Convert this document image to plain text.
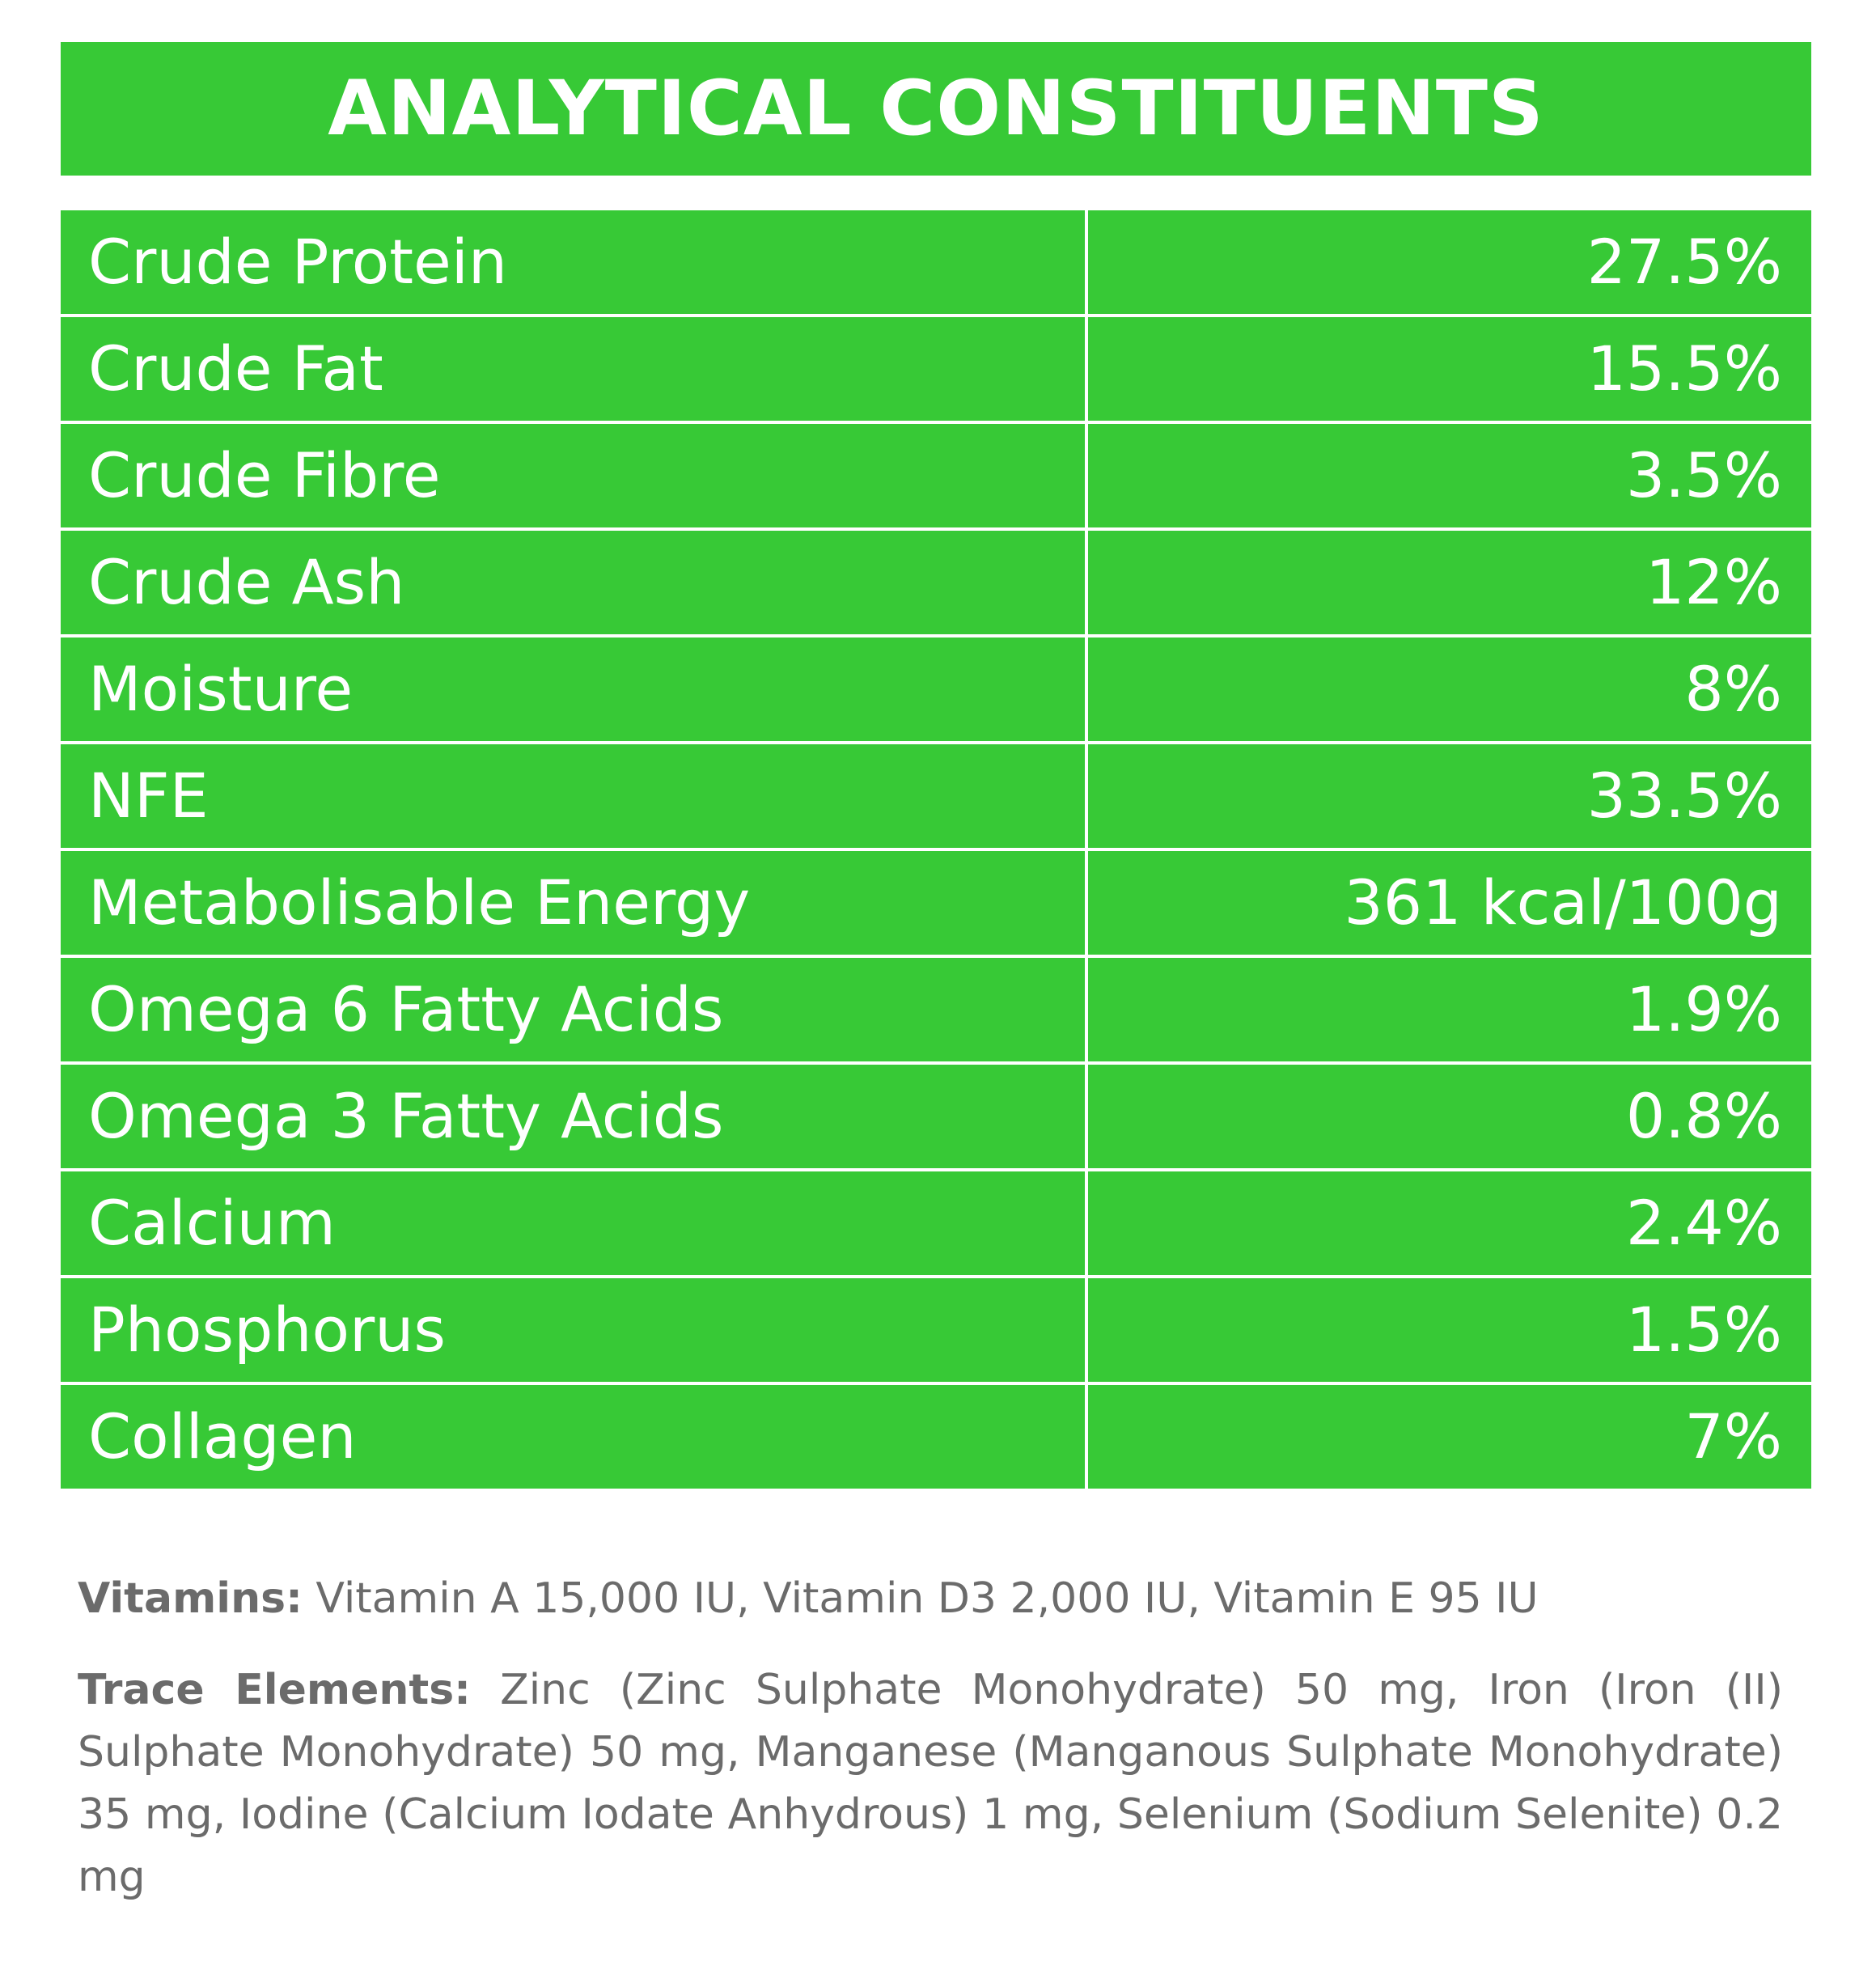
ANALYTICAL CONSTITUENTS
Crude Protein	27.5%
Crude Fat	15.5%
Crude Fibre	3.5%
Crude Ash	12%
Moisture	8%
NFE	33.5%
Metabolisable Energy	361 kcal/100g
Omega 6 Fatty Acids	1.9%
Omega 3 Fatty Acids	0.8%
Calcium	2.4%
Phosphorus	1.5%
Collagen	7%

Vitamins: Vitamin A 15,000 IU, Vitamin D3 2,000 IU, Vitamin E 95 IU

Trace Elements: Zinc (Zinc Sulphate Monohydrate) 50 mg, Iron (Iron (II) Sulphate Monohydrate) 50 mg, Manganese (Manganous Sulphate Monohydrate) 35 mg, Iodine (Calcium Iodate Anhydrous) 1 mg, Selenium (Sodium Selenite) 0.2 mg
